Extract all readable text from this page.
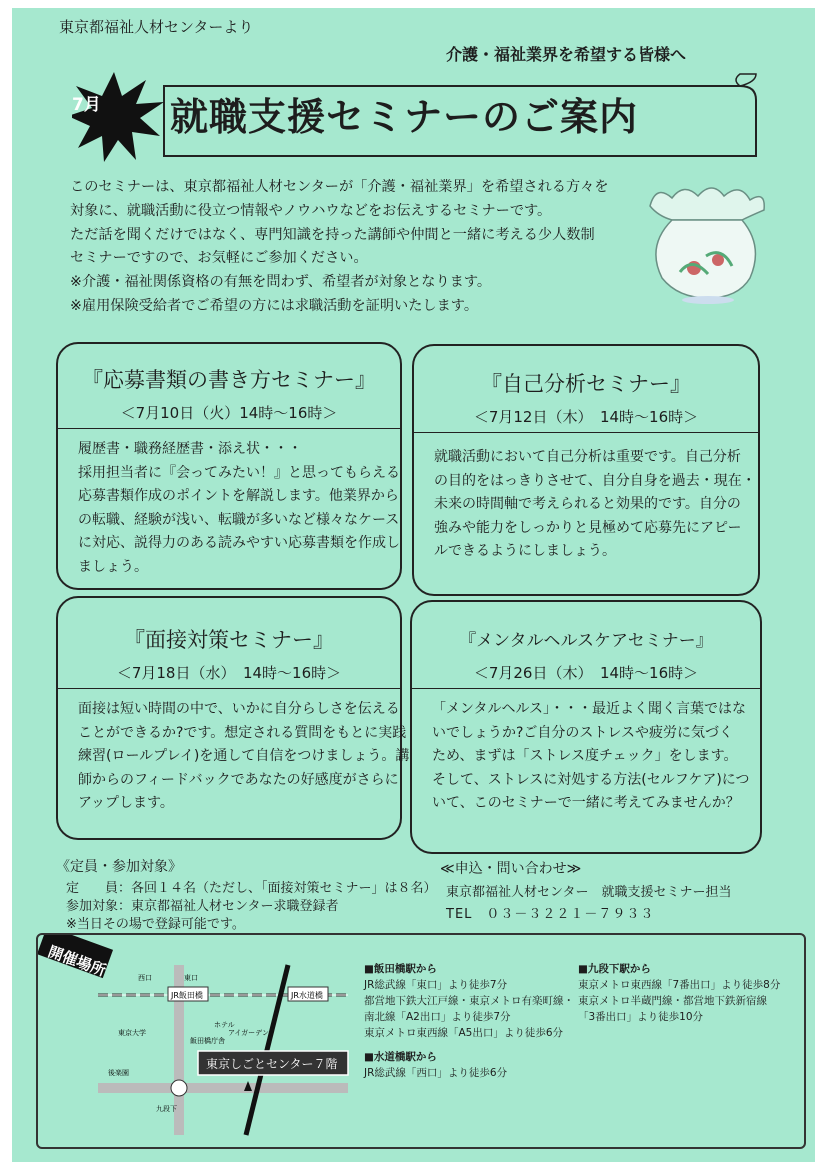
東京都福祉人材センターより
介護・福祉業界を希望する皆様へ
7月 就職支援セミナーのご案内

このセミナーは、東京都福祉人材センターが「介護・福祉業界」を希望される方々を

対象に、就職活動に役立つ情報やノウハウなどをお伝えするセミナーです。

ただ話を聞くだけではなく、専門知識を持った講師や仲間と一緒に考える少人数制

セミナーですので、お気軽にご参加ください。

※介護・福祉関係資格の有無を問わず、希望者が対象となります。

※雇用保険受給者でご希望の方には求職活動を証明いたします。

『応募書類の書き方セミナー』
＜7月10日（火）14時～16時＞

履歴書・職務経歴書・添え状・・・

採用担当者に『会ってみたい！』と思ってもらえる

応募書類作成のポイントを解説します。他業界から

の転職、経験が浅い、転職が多いなど様々なケース

に対応、説得力のある読みやすい応募書類を作成し

ましょう。

『自己分析セミナー』
＜7月12日（木）　14時～16時＞

就職活動において自己分析は重要です。自己分析

の目的をはっきりさせて、自分自身を過去・現在・

未来の時間軸で考えられると効果的です。自分の

強みや能力をしっかりと見極めて応募先にアピー

ルできるようにしましょう。

『面接対策セミナー』
＜7月18日（水）　14時～16時＞

面接は短い時間の中で、いかに自分らしさを伝える

ことができるか?です。想定される質問をもとに実践

練習(ロールプレイ)を通して自信をつけましょう。講

師からのフィードバックであなたの好感度がさらに

アップします。

『メンタルヘルスケアセミナー』
＜7月26日（木）　14時～16時＞

「メンタルヘルス」・・・最近よく聞く言葉ではな

いでしょうか?ご自分のストレスや疲労に気づく

ため、まずは「ストレス度チェック」をします。

そして、ストレスに対処する方法(セルフケア)につ

いて、このセミナーで一緒に考えてみませんか？

《定員・参加対象》

定　　員：各回１４名（ただし、「面接対策セミナー」は８名）

参加対象：東京都福祉人材センター求職登録者

※当日その場で登録可能です。

≪申込・問い合わせ≫

東京都福祉人材センター　就職支援セミナー担当

TEL　０３－３２２１－７９３３

開催場所
JR飯田橋	JR水道橋
東京大学
飯田橋庁舎
ホテル
アイガーデン
九段下
後楽園
西口	東口
東京しごとセンター７階

■飯田橋駅から

JR総武線「東口」より徒歩7分

都営地下鉄大江戸線・東京メトロ有楽町線・

南北線「A2出口」より徒歩7分

東京メトロ東西線「A5出口」より徒歩6分

■水道橋駅から

JR総武線「西口」より徒歩6分

■九段下駅から

東京メトロ東西線「7番出口」より徒歩8分

東京メトロ半蔵門線・都営地下鉄新宿線

「3番出口」より徒歩10分
